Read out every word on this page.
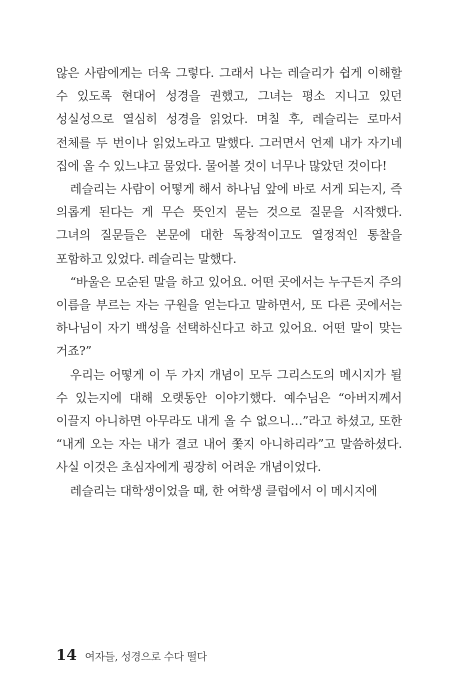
않은 사람에게는 더욱 그렇다. 그래서 나는 레슬리가 쉽게 이해할 수 있도록 현대어 성경을 권했고, 그녀는 평소 지니고 있던 성실성으로 열심히 성경을 읽었다. 며칠 후, 레슬리는 로마서 전체를 두 번이나 읽었노라고 말했다. 그러면서 언제 내가 자기네 집에 올 수 있느냐고 물었다. 물어볼 것이 너무나 많았던 것이다!

레슬리는 사람이 어떻게 해서 하나님 앞에 바로 서게 되는지, 즉 의롭게 된다는 게 무슨 뜻인지 묻는 것으로 질문을 시작했다. 그녀의 질문들은 본문에 대한 독창적이고도 열정적인 통찰을 포함하고 있었다. 레슬리는 말했다.

“바울은 모순된 말을 하고 있어요. 어떤 곳에서는 누구든지 주의 이름을 부르는 자는 구원을 얻는다고 말하면서, 또 다른 곳에서는 하나님이 자기 백성을 선택하신다고 하고 있어요. 어떤 말이 맞는 거죠?”

우리는 어떻게 이 두 가지 개념이 모두 그리스도의 메시지가 될 수 있는지에 대해 오랫동안 이야기했다. 예수님은 “아버지께서 이끌지 아니하면 아무라도 내게 올 수 없으니…”라고 하셨고, 또한 “내게 오는 자는 내가 결코 내어 쫓지 아니하리라”고 말씀하셨다. 사실 이것은 초심자에게 굉장히 어려운 개념이었다.

레슬리는 대학생이었을 때, 한 여학생 클럽에서 이 메시지에

14 여자들, 성경으로 수다 떨다
